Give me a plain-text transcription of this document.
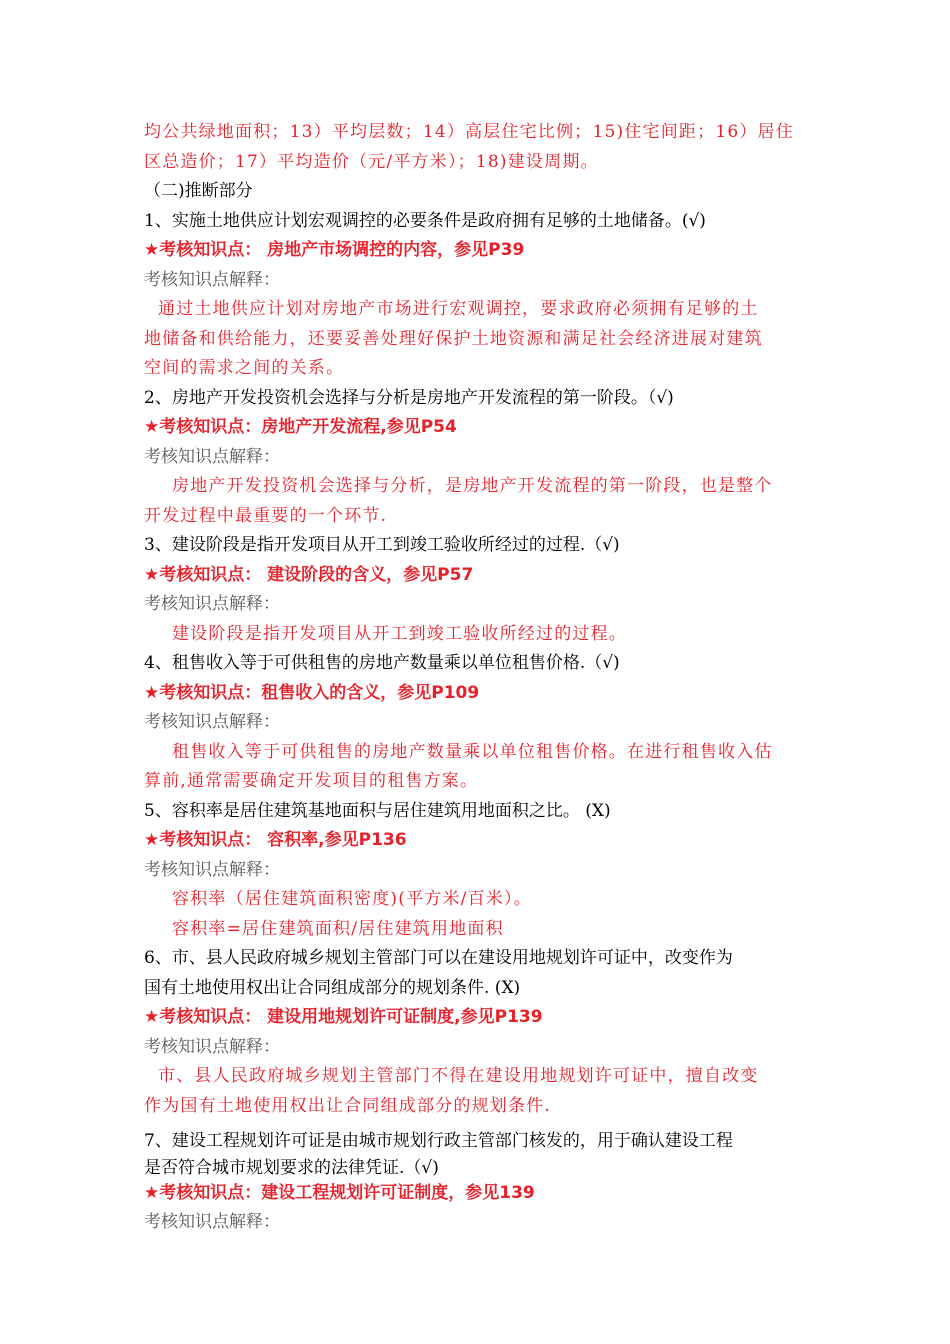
均公共绿地面积；13）平均层数；14）高层住宅比例；15)住宅间距；16）居住
区总造价；17）平均造价（元/平方米）；18)建设周期。
（二)推断部分
1、实施土地供应计划宏观调控的必要条件是政府拥有足够的土地储备。(√)
★考核知识点： 房地产市场调控的内容，参见P39
考核知识点解释：
通过土地供应计划对房地产市场进行宏观调控，要求政府必须拥有足够的土
地储备和供给能力，还要妥善处理好保护土地资源和满足社会经济进展对建筑
空间的需求之间的关系。
2、房地产开发投资机会选择与分析是房地产开发流程的第一阶段。（√)
★考核知识点：房地产开发流程,参见P54
考核知识点解释：
房地产开发投资机会选择与分析，是房地产开发流程的第一阶段，也是整个
开发过程中最重要的一个环节.
3、建设阶段是指开发项目从开工到竣工验收所经过的过程.（√)
★考核知识点： 建设阶段的含义，参见P57
考核知识点解释：
建设阶段是指开发项目从开工到竣工验收所经过的过程。
4、租售收入等于可供租售的房地产数量乘以单位租售价格.（√)
★考核知识点：租售收入的含义，参见P109
考核知识点解释：
租售收入等于可供租售的房地产数量乘以单位租售价格。在进行租售收入估
算前,通常需要确定开发项目的租售方案。
5、容积率是居住建筑基地面积与居住建筑用地面积之比。 (X)
★考核知识点： 容积率,参见P136
考核知识点解释：
容积率（居住建筑面积密度)(平方米/百米）。
容积率=居住建筑面积/居住建筑用地面积
6、市、县人民政府城乡规划主管部门可以在建设用地规划许可证中，改变作为
国有土地使用权出让合同组成部分的规划条件. (X)
★考核知识点： 建设用地规划许可证制度,参见P139
考核知识点解释：
市、县人民政府城乡规划主管部门不得在建设用地规划许可证中，擅自改变
作为国有土地使用权出让合同组成部分的规划条件.
7、建设工程规划许可证是由城市规划行政主管部门核发的，用于确认建设工程
是否符合城市规划要求的法律凭证.（√)
★考核知识点：建设工程规划许可证制度，参见139
考核知识点解释：
